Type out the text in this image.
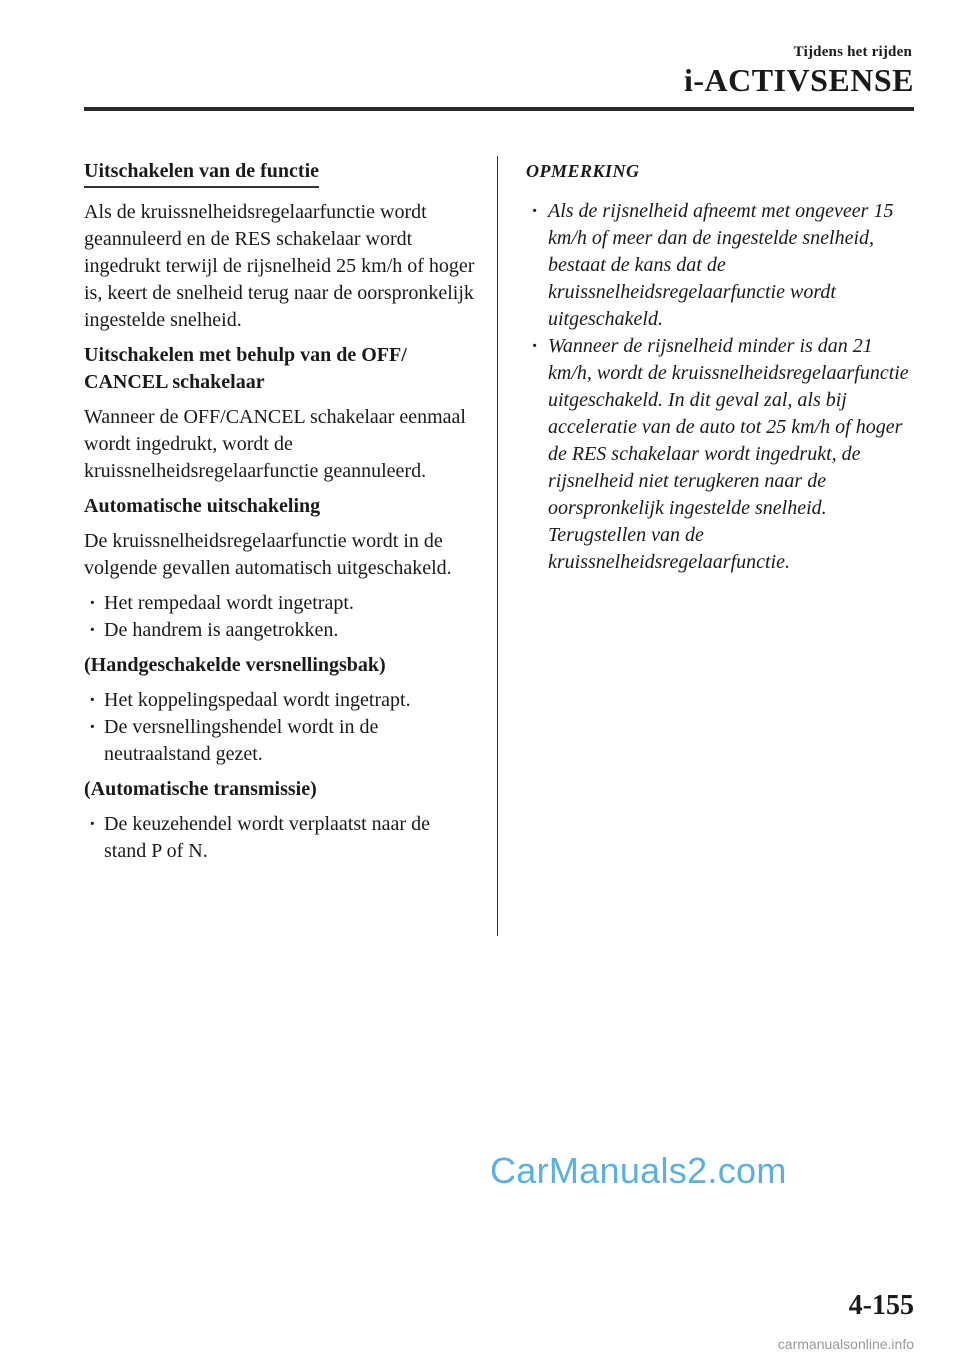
Tijdens het rijden
i-ACTIVSENSE
Uitschakelen van de functie

Als de kruissnelheidsregelaarfunctie wordt geannuleerd en de RES schakelaar wordt ingedrukt terwijl de rijsnelheid 25 km/h of hoger is, keert de snelheid terug naar de oorspronkelijk ingestelde snelheid.

Uitschakelen met behulp van de OFF/ CANCEL schakelaar

Wanneer de OFF/CANCEL schakelaar eenmaal wordt ingedrukt, wordt de kruissnelheidsregelaarfunctie geannuleerd.

Automatische uitschakeling

De kruissnelheidsregelaarfunctie wordt in de volgende gevallen automatisch uitgeschakeld.

· Het rempedaal wordt ingetrapt.
· De handrem is aangetrokken.
(Handgeschakelde versnellingsbak)
· Het koppelingspedaal wordt ingetrapt.
· De versnellingshendel wordt in de neutraalstand gezet.
(Automatische transmissie)
· De keuzehendel wordt verplaatst naar de stand P of N.
OPMERKING
· Als de rijsnelheid afneemt met ongeveer 15 km/h of meer dan de ingestelde snelheid, bestaat de kans dat de kruissnelheidsregelaarfunctie wordt uitgeschakeld.
· Wanneer de rijsnelheid minder is dan 21 km/h, wordt de kruissnelheidsregelaarfunctie uitgeschakeld. In dit geval zal, als bij acceleratie van de auto tot 25 km/h of hoger de RES schakelaar wordt ingedrukt, de rijsnelheid niet terugkeren naar de oorspronkelijk ingestelde snelheid. Terugstellen van de kruissnelheidsregelaarfunctie.
CarManuals2.com
4-155
carmanualsonline.info
